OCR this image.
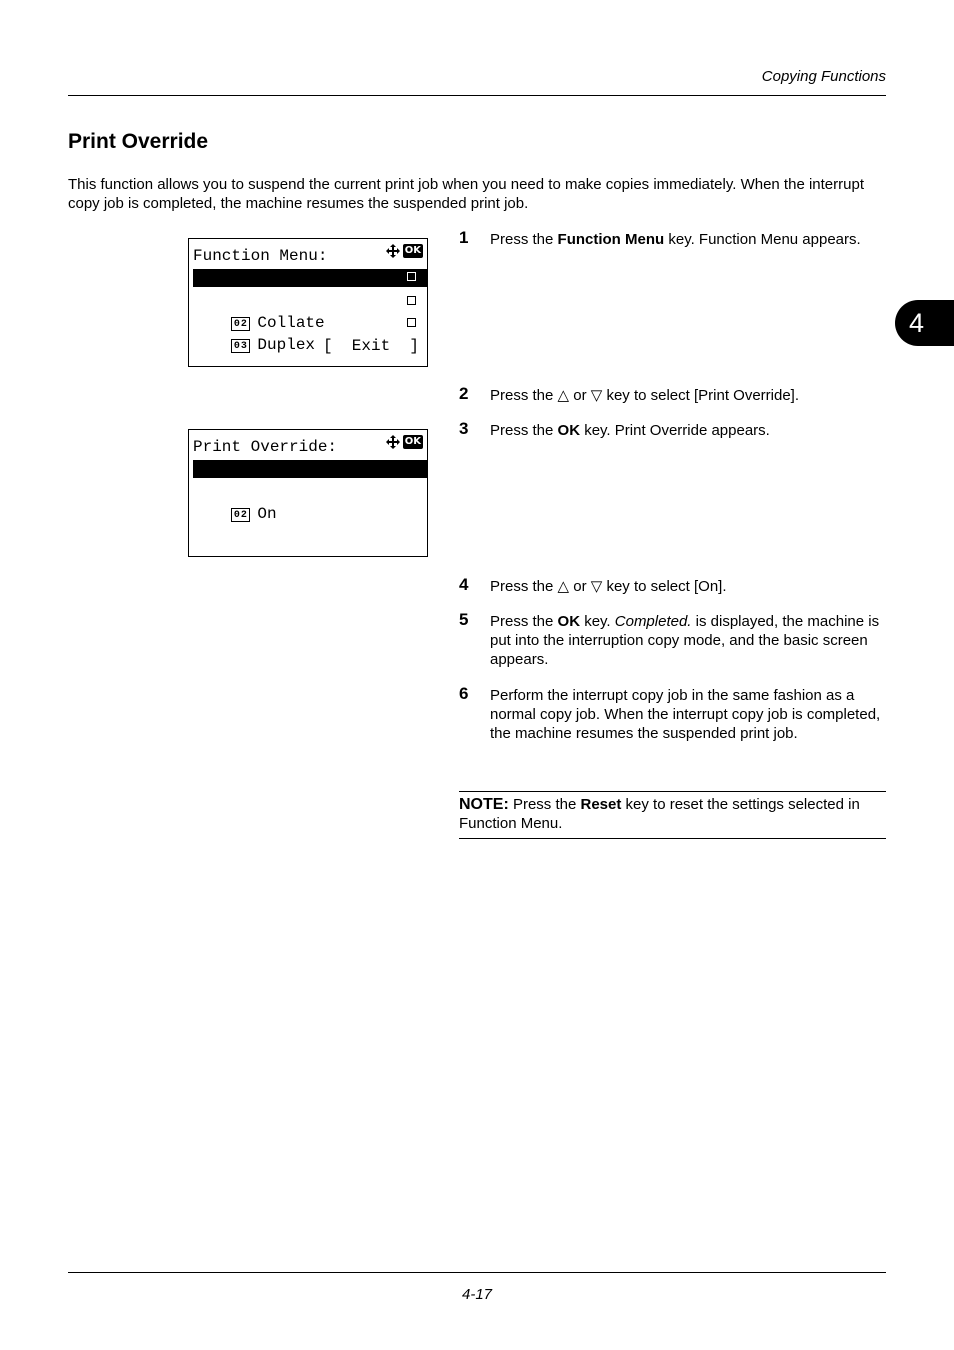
Copying Functions
Print Override
This function allows you to suspend the current print job when you need to make copies immediately. When the interrupt copy job is completed, the machine resumes the suspended print job.
4
Function Menu:	OK

01 Paper Selection

02 Collate

03 Duplex

[  Exit  ]
Print Override:	OK

01 *Off

02 On

1 Press the Function Menu key. Function Menu appears.
2 Press the △ or ▽ key to select [Print Override].
3 Press the OK key. Print Override appears.
4 Press the △ or ▽ key to select [On].
5 Press the OK key. Completed. is displayed, the machine is put into the interruption copy mode, and the basic screen appears.
6 Perform the interrupt copy job in the same fashion as a normal copy job. When the interrupt copy job is completed, the machine resumes the suspended print job.
NOTE: Press the Reset key to reset the settings selected in Function Menu.
4-17
